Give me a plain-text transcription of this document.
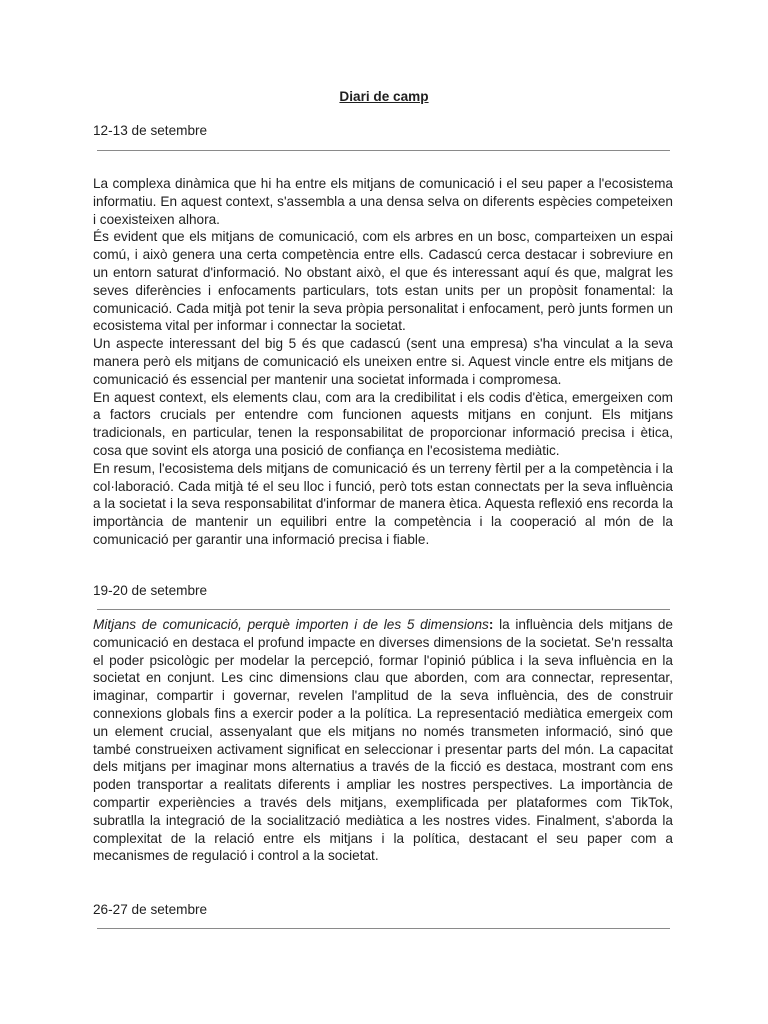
Diari de camp
12-13 de setembre

La complexa dinàmica que hi ha entre els mitjans de comunicació i el seu paper a l'ecosistema informatiu. En aquest context, s'assembla a una densa selva on diferents espècies competeixen i coexisteixen alhora.

És evident que els mitjans de comunicació, com els arbres en un bosc, comparteixen un espai comú, i això genera una certa competència entre ells. Cadascú cerca destacar i sobreviure en un entorn saturat d'informació. No obstant això, el que és interessant aquí és que, malgrat les seves diferències i enfocaments particulars, tots estan units per un propòsit fonamental: la comunicació. Cada mitjà pot tenir la seva pròpia personalitat i enfocament, però junts formen un ecosistema vital per informar i connectar la societat.

Un aspecte interessant del big 5 és que cadascú (sent una empresa) s'ha vinculat a la seva manera però els mitjans de comunicació els uneixen entre si. Aquest vincle entre els mitjans de comunicació és essencial per mantenir una societat informada i compromesa.

En aquest context, els elements clau, com ara la credibilitat i els codis d'ètica, emergeixen com a factors crucials per entendre com funcionen aquests mitjans en conjunt. Els mitjans tradicionals, en particular, tenen la responsabilitat de proporcionar informació precisa i ètica, cosa que sovint els atorga una posició de confiança en l'ecosistema mediàtic.

En resum, l'ecosistema dels mitjans de comunicació és un terreny fèrtil per a la competència i la col·laboració. Cada mitjà té el seu lloc i funció, però tots estan connectats per la seva influència a la societat i la seva responsabilitat d'informar de manera ètica. Aquesta reflexió ens recorda la importància de mantenir un equilibri entre la competència i la cooperació al món de la comunicació per garantir una informació precisa i fiable.

19-20 de setembre

Mitjans de comunicació, perquè importen i de les 5 dimensions: la influència dels mitjans de comunicació en destaca el profund impacte en diverses dimensions de la societat. Se'n ressalta el poder psicològic per modelar la percepció, formar l'opinió pública i la seva influència en la societat en conjunt. Les cinc dimensions clau que aborden, com ara connectar, representar, imaginar, compartir i governar, revelen l'amplitud de la seva influència, des de construir connexions globals fins a exercir poder a la política. La representació mediàtica emergeix com un element crucial, assenyalant que els mitjans no només transmeten informació, sinó que també construeixen activament significat en seleccionar i presentar parts del món. La capacitat dels mitjans per imaginar mons alternatius a través de la ficció es destaca, mostrant com ens poden transportar a realitats diferents i ampliar les nostres perspectives. La importància de compartir experiències a través dels mitjans, exemplificada per plataformes com TikTok, subratlla la integració de la socialització mediàtica a les nostres vides. Finalment, s'aborda la complexitat de la relació entre els mitjans i la política, destacant el seu paper com a mecanismes de regulació i control a la societat.

26-27 de setembre
